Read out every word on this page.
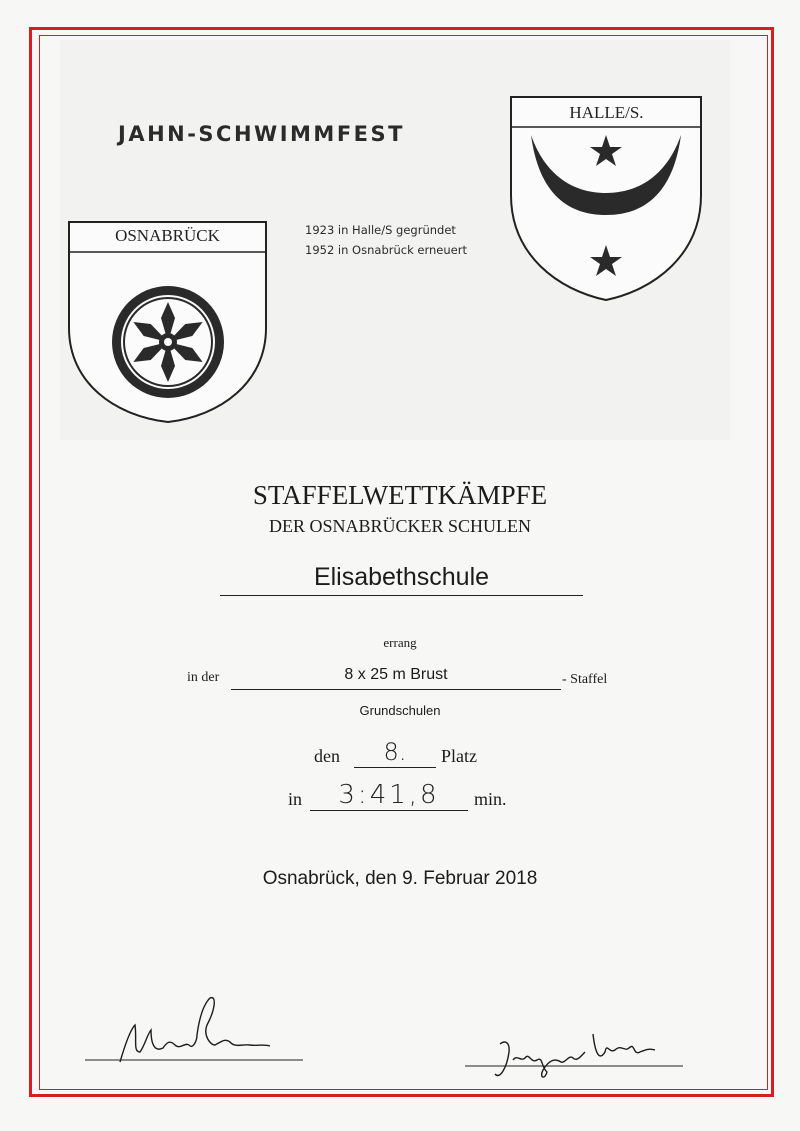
JAHN-SCHWIMMFEST
1923 in Halle/S gegründet
1952 in Osnabrück erneuert
OSNABRÜCK
HALLE/S.
STAFFELWETTKÄMPFE
DER OSNABRÜCKER SCHULEN
Elisabethschule
errang
in der	8 x 25 m Brust	- Staffel
Grundschulen
den	8.	Platz
in	3:41,8	min.
Osnabrück, den 9. Februar 2018
